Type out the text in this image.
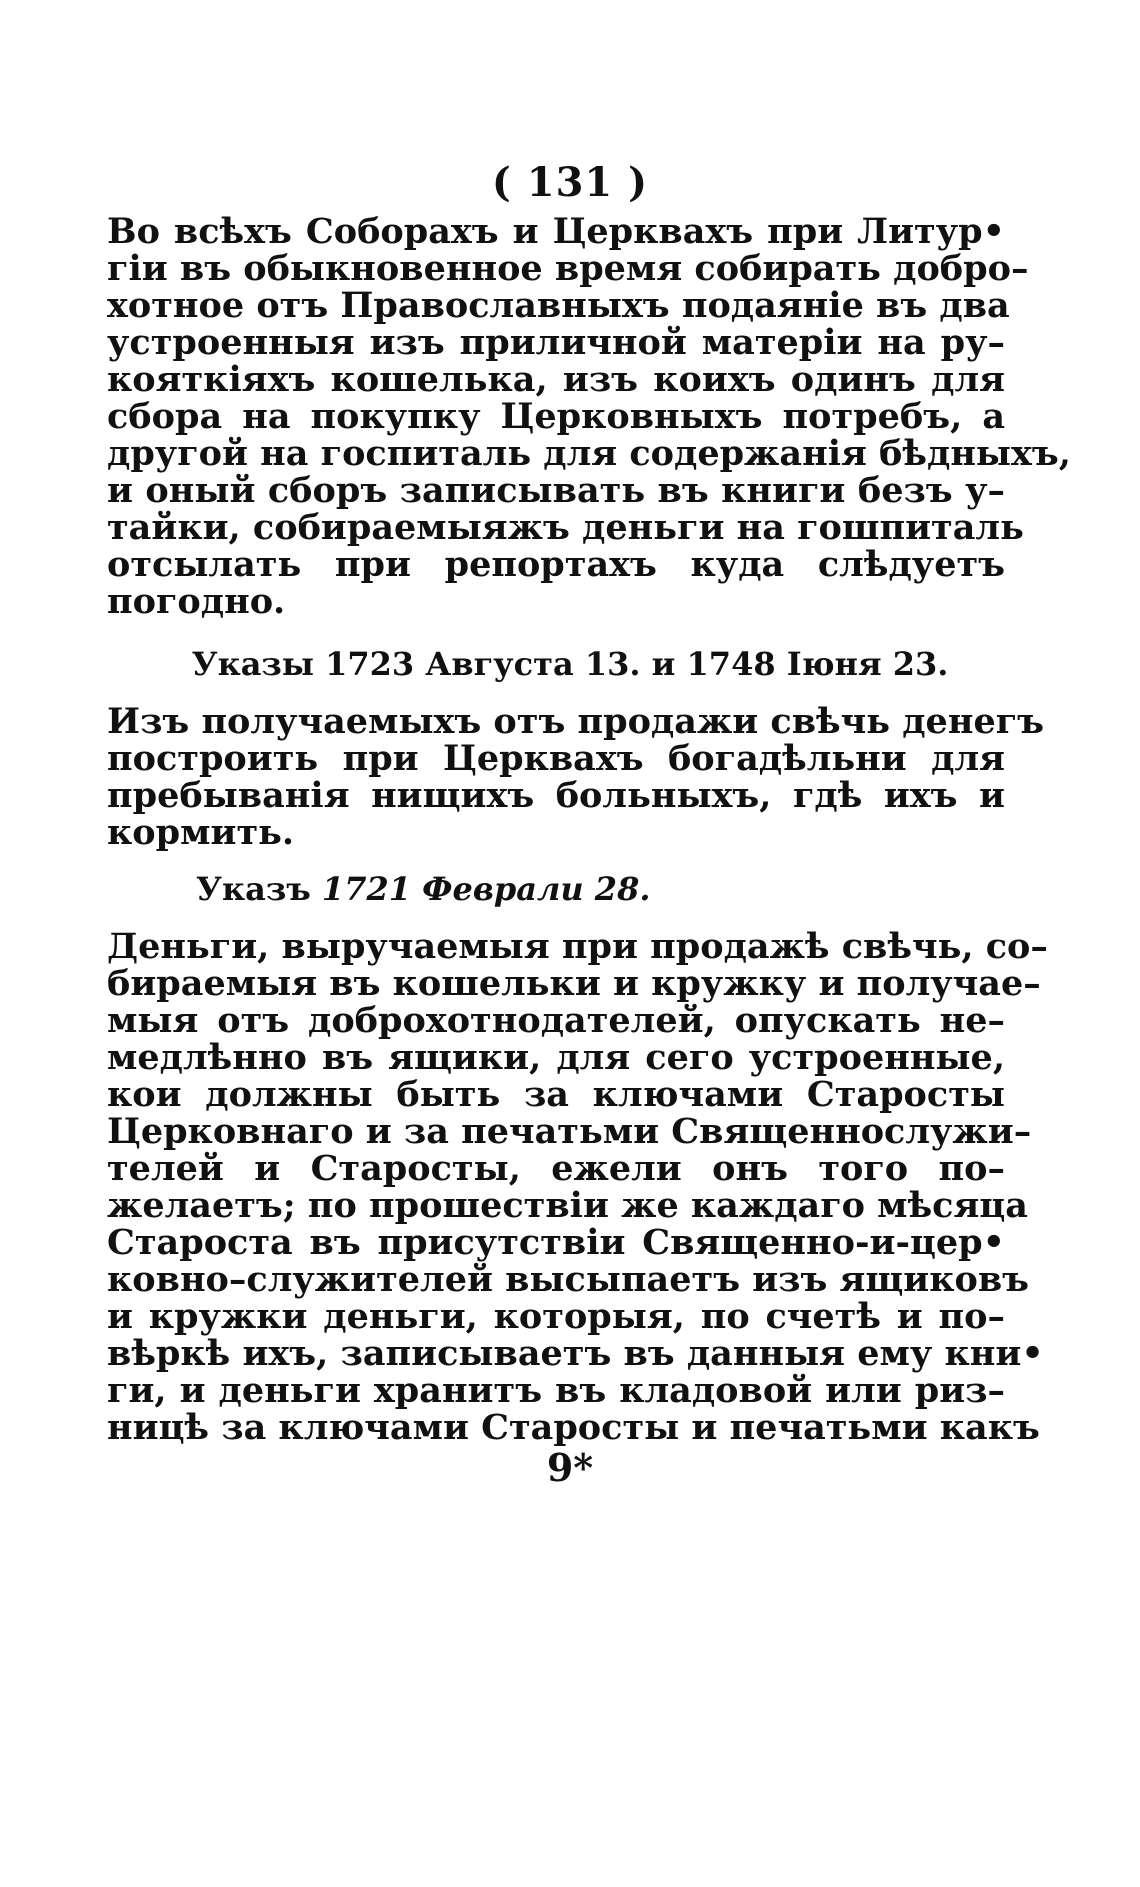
( 131 )
Во всѣхъ Соборахъ и Церквахъ при Литур•
гіи въ обыкновенное время собирать добро–
хотное отъ Православныхъ подаяніе въ два
устроенныя изъ приличной матеріи на ру–
кояткіяхъ кошелька, изъ коихъ одинъ для
сбора на покупку Церковныхъ потребъ, а
другой на госпиталь для содержанія бѣдныхъ,
и оный сборъ записывать въ книги безъ у–
тайки, собираемыяжъ деньги на гошпиталь
отсылать при репортахъ куда слѣдуетъ
погодно.
Указы 1723 Августа 13. и 1748 Іюня 23.
Изъ получаемыхъ отъ продажи свѣчь денегъ
построить при Церквахъ богадѣльни для
пребыванія нищихъ больныхъ, гдѣ ихъ и
кормить.
Указъ 1721 Феврали 28.
Деньги, выручаемыя при продажѣ свѣчь, со–
бираемыя въ кошельки и кружку и получае–
мыя отъ доброхотнодателей, опускать не–
медлѣнно въ ящики, для сего устроенные,
кои должны быть за ключами Старосты
Церковнаго и за печатьми Священнослужи–
телей и Старосты, ежели онъ того по–
желаетъ; по прошествіи же каждаго мѣсяца
Староста въ присутствіи Священно-и-цер•
ковно–служителей высыпаетъ изъ ящиковъ
и кружки деньги, которыя, по счетѣ и по–
вѣркѣ ихъ, записываетъ въ данныя ему кни•
ги, и деньги хранитъ въ кладовой или риз–
ницѣ за ключами Старосты и печатьми какъ
9*
